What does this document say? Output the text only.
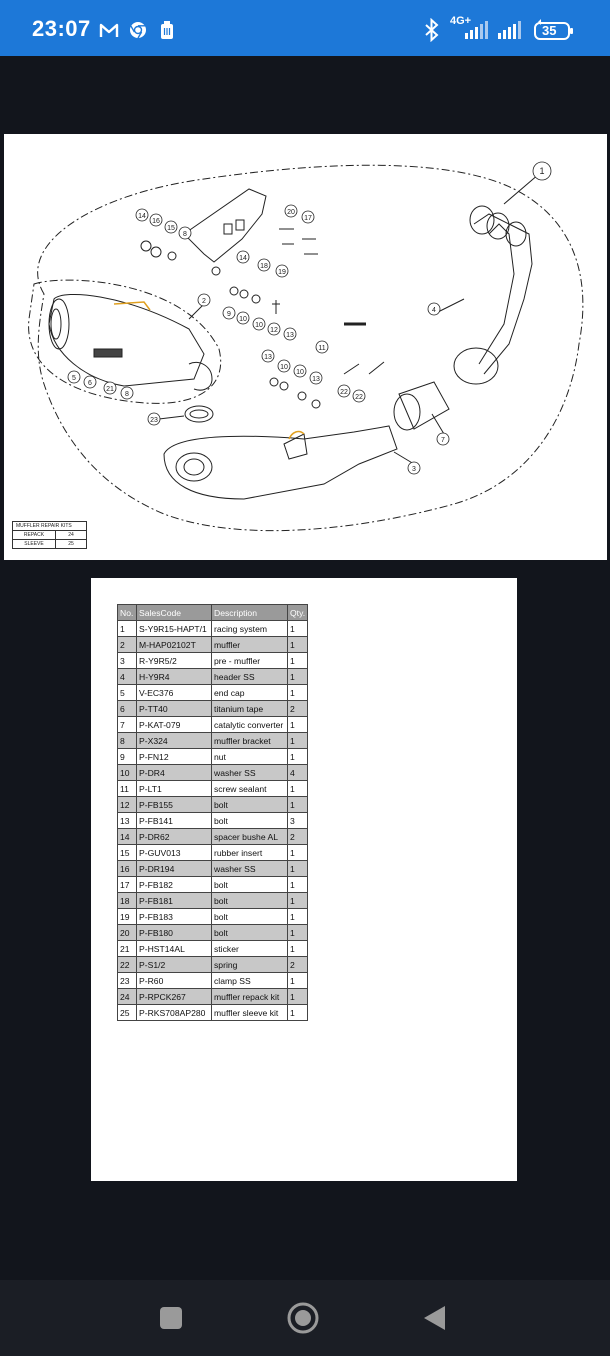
23:07	4G+
35
1
2
3
4
5
6
7
8
8
9
10
10
10
10
11
12
13
13
13
14
14
15
16	17
18
19
20
21	22
22
23
MUFFLER REPAIR KITS	
REPACK	24
SLEEVE	25
No.	SalesCode	Description	Qty.
1	S-Y9R15-HAPT/1	racing system	1
2	M-HAP02102T	muffler	1
3	R-Y9R5/2	pre - muffler	1
4	H-Y9R4	header SS	1
5	V-EC376	end cap	1
6	P-TT40	titanium tape	2
7	P-KAT-079	catalytic converter	1
8	P-X324	muffler bracket	1
9	P-FN12	nut	1
10	P-DR4	washer SS	4
11	P-LT1	screw sealant	1
12	P-FB155	bolt	1
13	P-FB141	bolt	3
14	P-DR62	spacer bushe AL	2
15	P-GUV013	rubber insert	1
16	P-DR194	washer SS	1
17	P-FB182	bolt	1
18	P-FB181	bolt	1
19	P-FB183	bolt	1
20	P-FB180	bolt	1
21	P-HST14AL	sticker	1
22	P-S1/2	spring	2
23	P-R60	clamp SS	1
24	P-RPCK267	muffler repack kit	1
25	P-RKS708AP280	muffler sleeve kit	1
